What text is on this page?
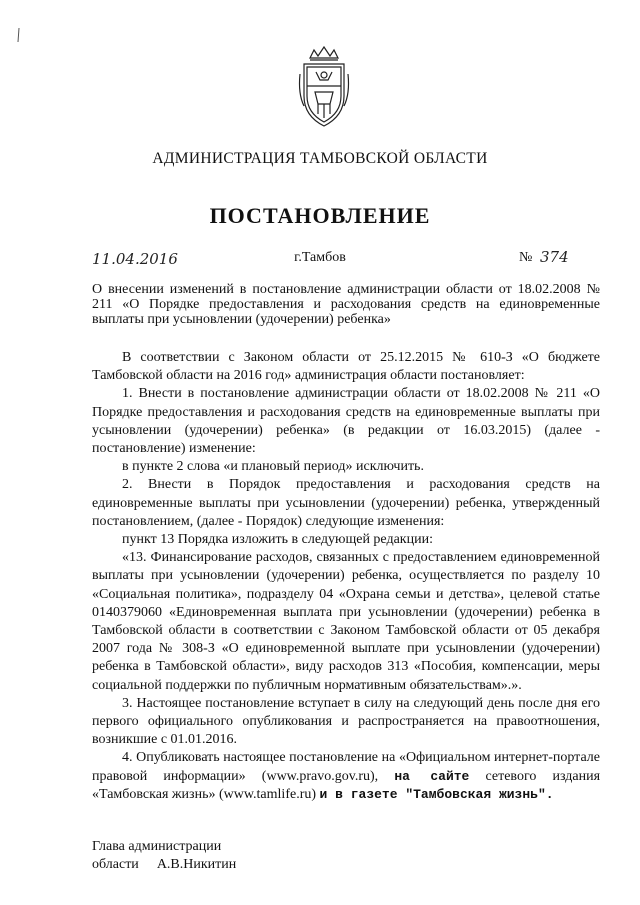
АДМИНИСТРАЦИЯ ТАМБОВСКОЙ ОБЛАСТИ
ПОСТАНОВЛЕНИЕ
11.04.2016	г.Тамбов	№ 374
О внесении изменений в постановление администрации области от 18.02.2008 № 211 «О Порядке предоставления и расходования средств на единовременные выплаты при усыновлении (удочерении) ребенка»

В соответствии с Законом области от 25.12.2015 № 610-З «О бюджете Тамбовской области на 2016 год» администрация области постановляет:

1. Внести в постановление администрации области от 18.02.2008 № 211 «О Порядке предоставления и расходования средств на единовременные выплаты при усыновлении (удочерении) ребенка» (в редакции от 16.03.2015) (далее - постановление) изменение:

в пункте 2 слова «и плановый период» исключить.

2. Внести в Порядок предоставления и расходования средств на единовременные выплаты при усыновлении (удочерении) ребенка, утвержденный постановлением, (далее - Порядок) следующие изменения:

пункт 13 Порядка изложить в следующей редакции:

«13. Финансирование расходов, связанных с предоставлением единовременной выплаты при усыновлении (удочерении) ребенка, осуществляется по разделу 10 «Социальная политика», подразделу 04 «Охрана семьи и детства», целевой статье 0140379060 «Единовременная выплата при усыновлении (удочерении) ребенка в Тамбовской области в соответствии с Законом Тамбовской области от 05 декабря 2007 года № 308-З «О единовременной выплате при усыновлении (удочерении) ребенка в Тамбовской области», виду расходов 313 «Пособия, компенсации, меры социальной поддержки по публичным нормативным обязательствам».».

3. Настоящее постановление вступает в силу на следующий день после дня его первого официального опубликования и распространяется на правоотношения, возникшие с 01.01.2016.

4. Опубликовать настоящее постановление на «Официальном интернет-портале правовой информации» (www.pravo.gov.ru), на сайте сетевого издания «Тамбовская жизнь» (www.tamlife.ru) и в газете "Тамбовская жизнь".

Глава администрации
области А.В.Никитин
